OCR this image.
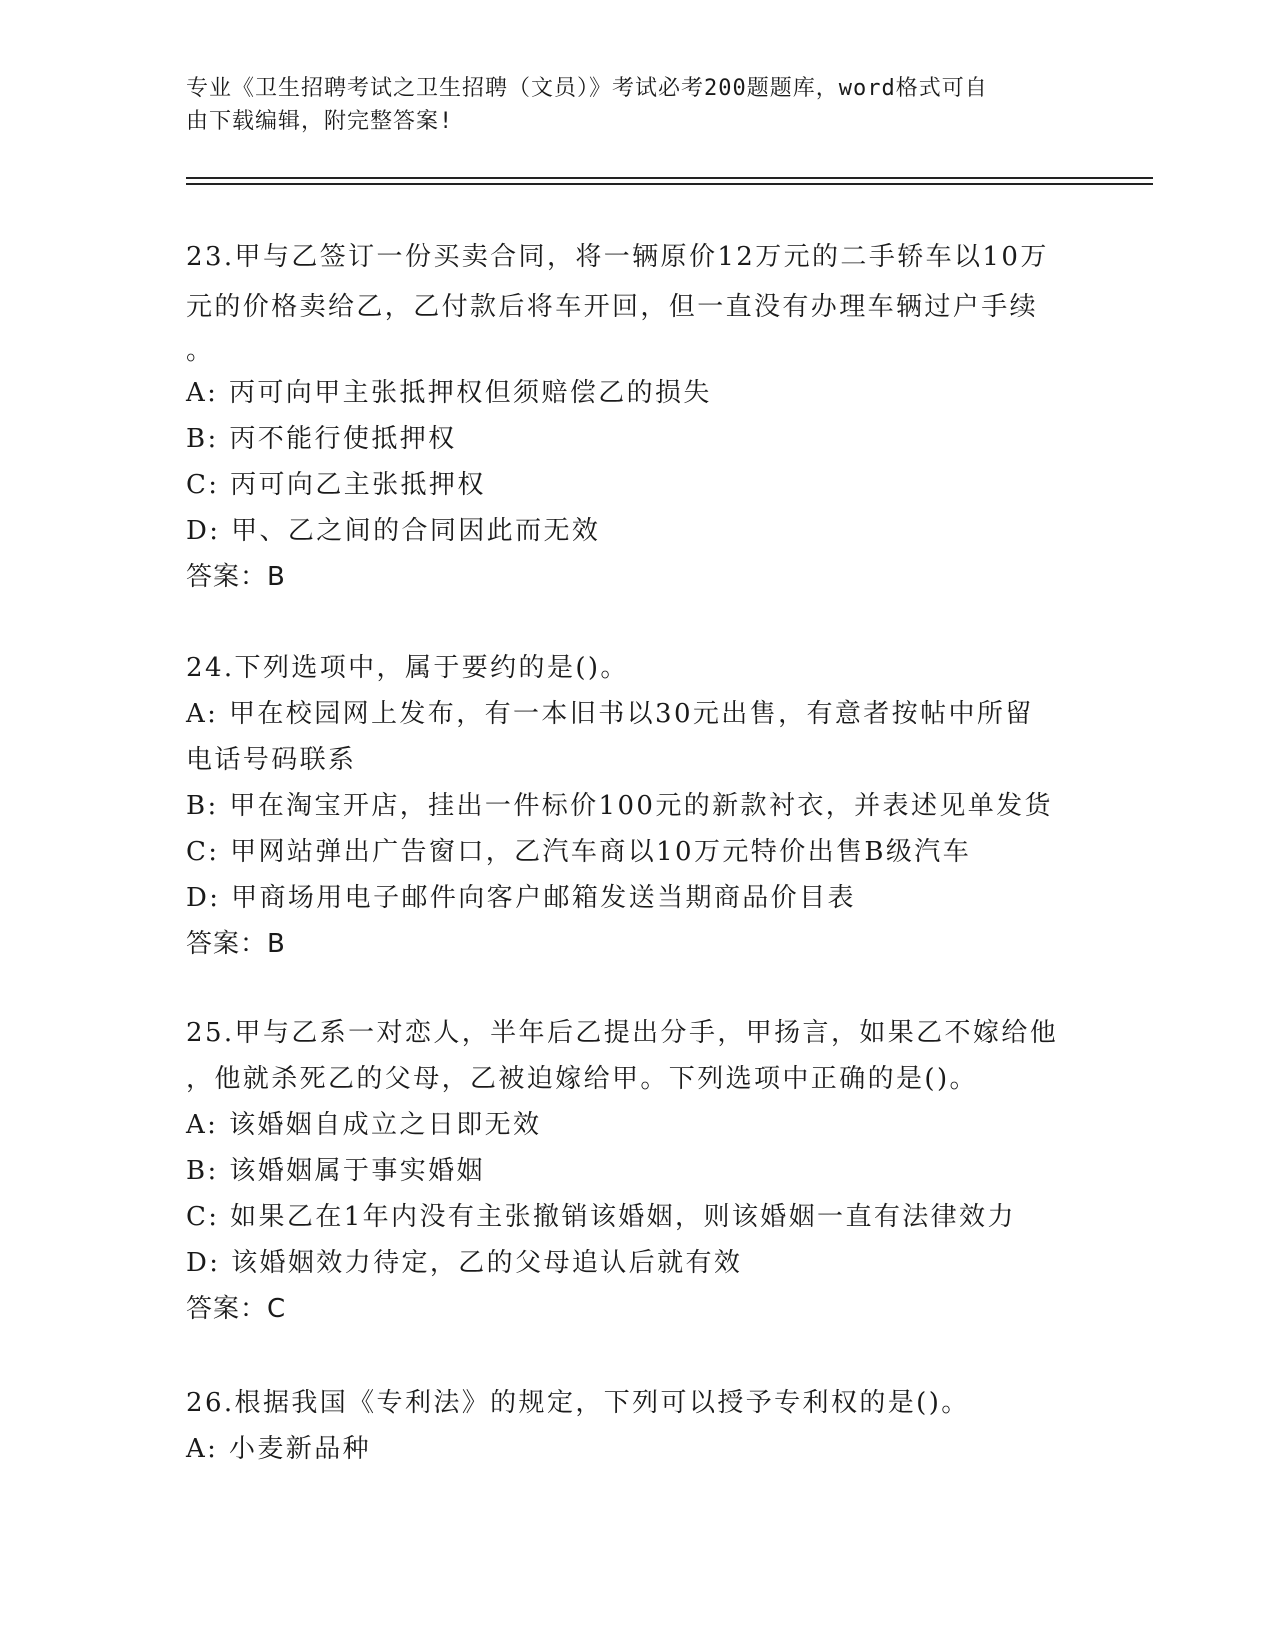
专业《卫生招聘考试之卫生招聘（文员）》考试必考200题题库，word格式可自
由下载编辑，附完整答案!
23.甲与乙签订一份买卖合同，将一辆原价12万元的二手轿车以10万
元的价格卖给乙，乙付款后将车开回，但一直没有办理车辆过户手续
。
A: 丙可向甲主张抵押权但须赔偿乙的损失
B: 丙不能行使抵押权
C: 丙可向乙主张抵押权
D: 甲、乙之间的合同因此而无效
答案：B
24.下列选项中，属于要约的是()。
A: 甲在校园网上发布，有一本旧书以30元出售，有意者按帖中所留
电话号码联系
B: 甲在淘宝开店，挂出一件标价100元的新款衬衣，并表述见单发货
C: 甲网站弹出广告窗口，乙汽车商以10万元特价出售B级汽车
D: 甲商场用电子邮件向客户邮箱发送当期商品价目表
答案：B
25.甲与乙系一对恋人，半年后乙提出分手，甲扬言，如果乙不嫁给他
，他就杀死乙的父母，乙被迫嫁给甲。下列选项中正确的是()。
A: 该婚姻自成立之日即无效
B: 该婚姻属于事实婚姻
C: 如果乙在1年内没有主张撤销该婚姻，则该婚姻一直有法律效力
D: 该婚姻效力待定，乙的父母追认后就有效
答案：C
26.根据我国《专利法》的规定，下列可以授予专利权的是()。
A: 小麦新品种
